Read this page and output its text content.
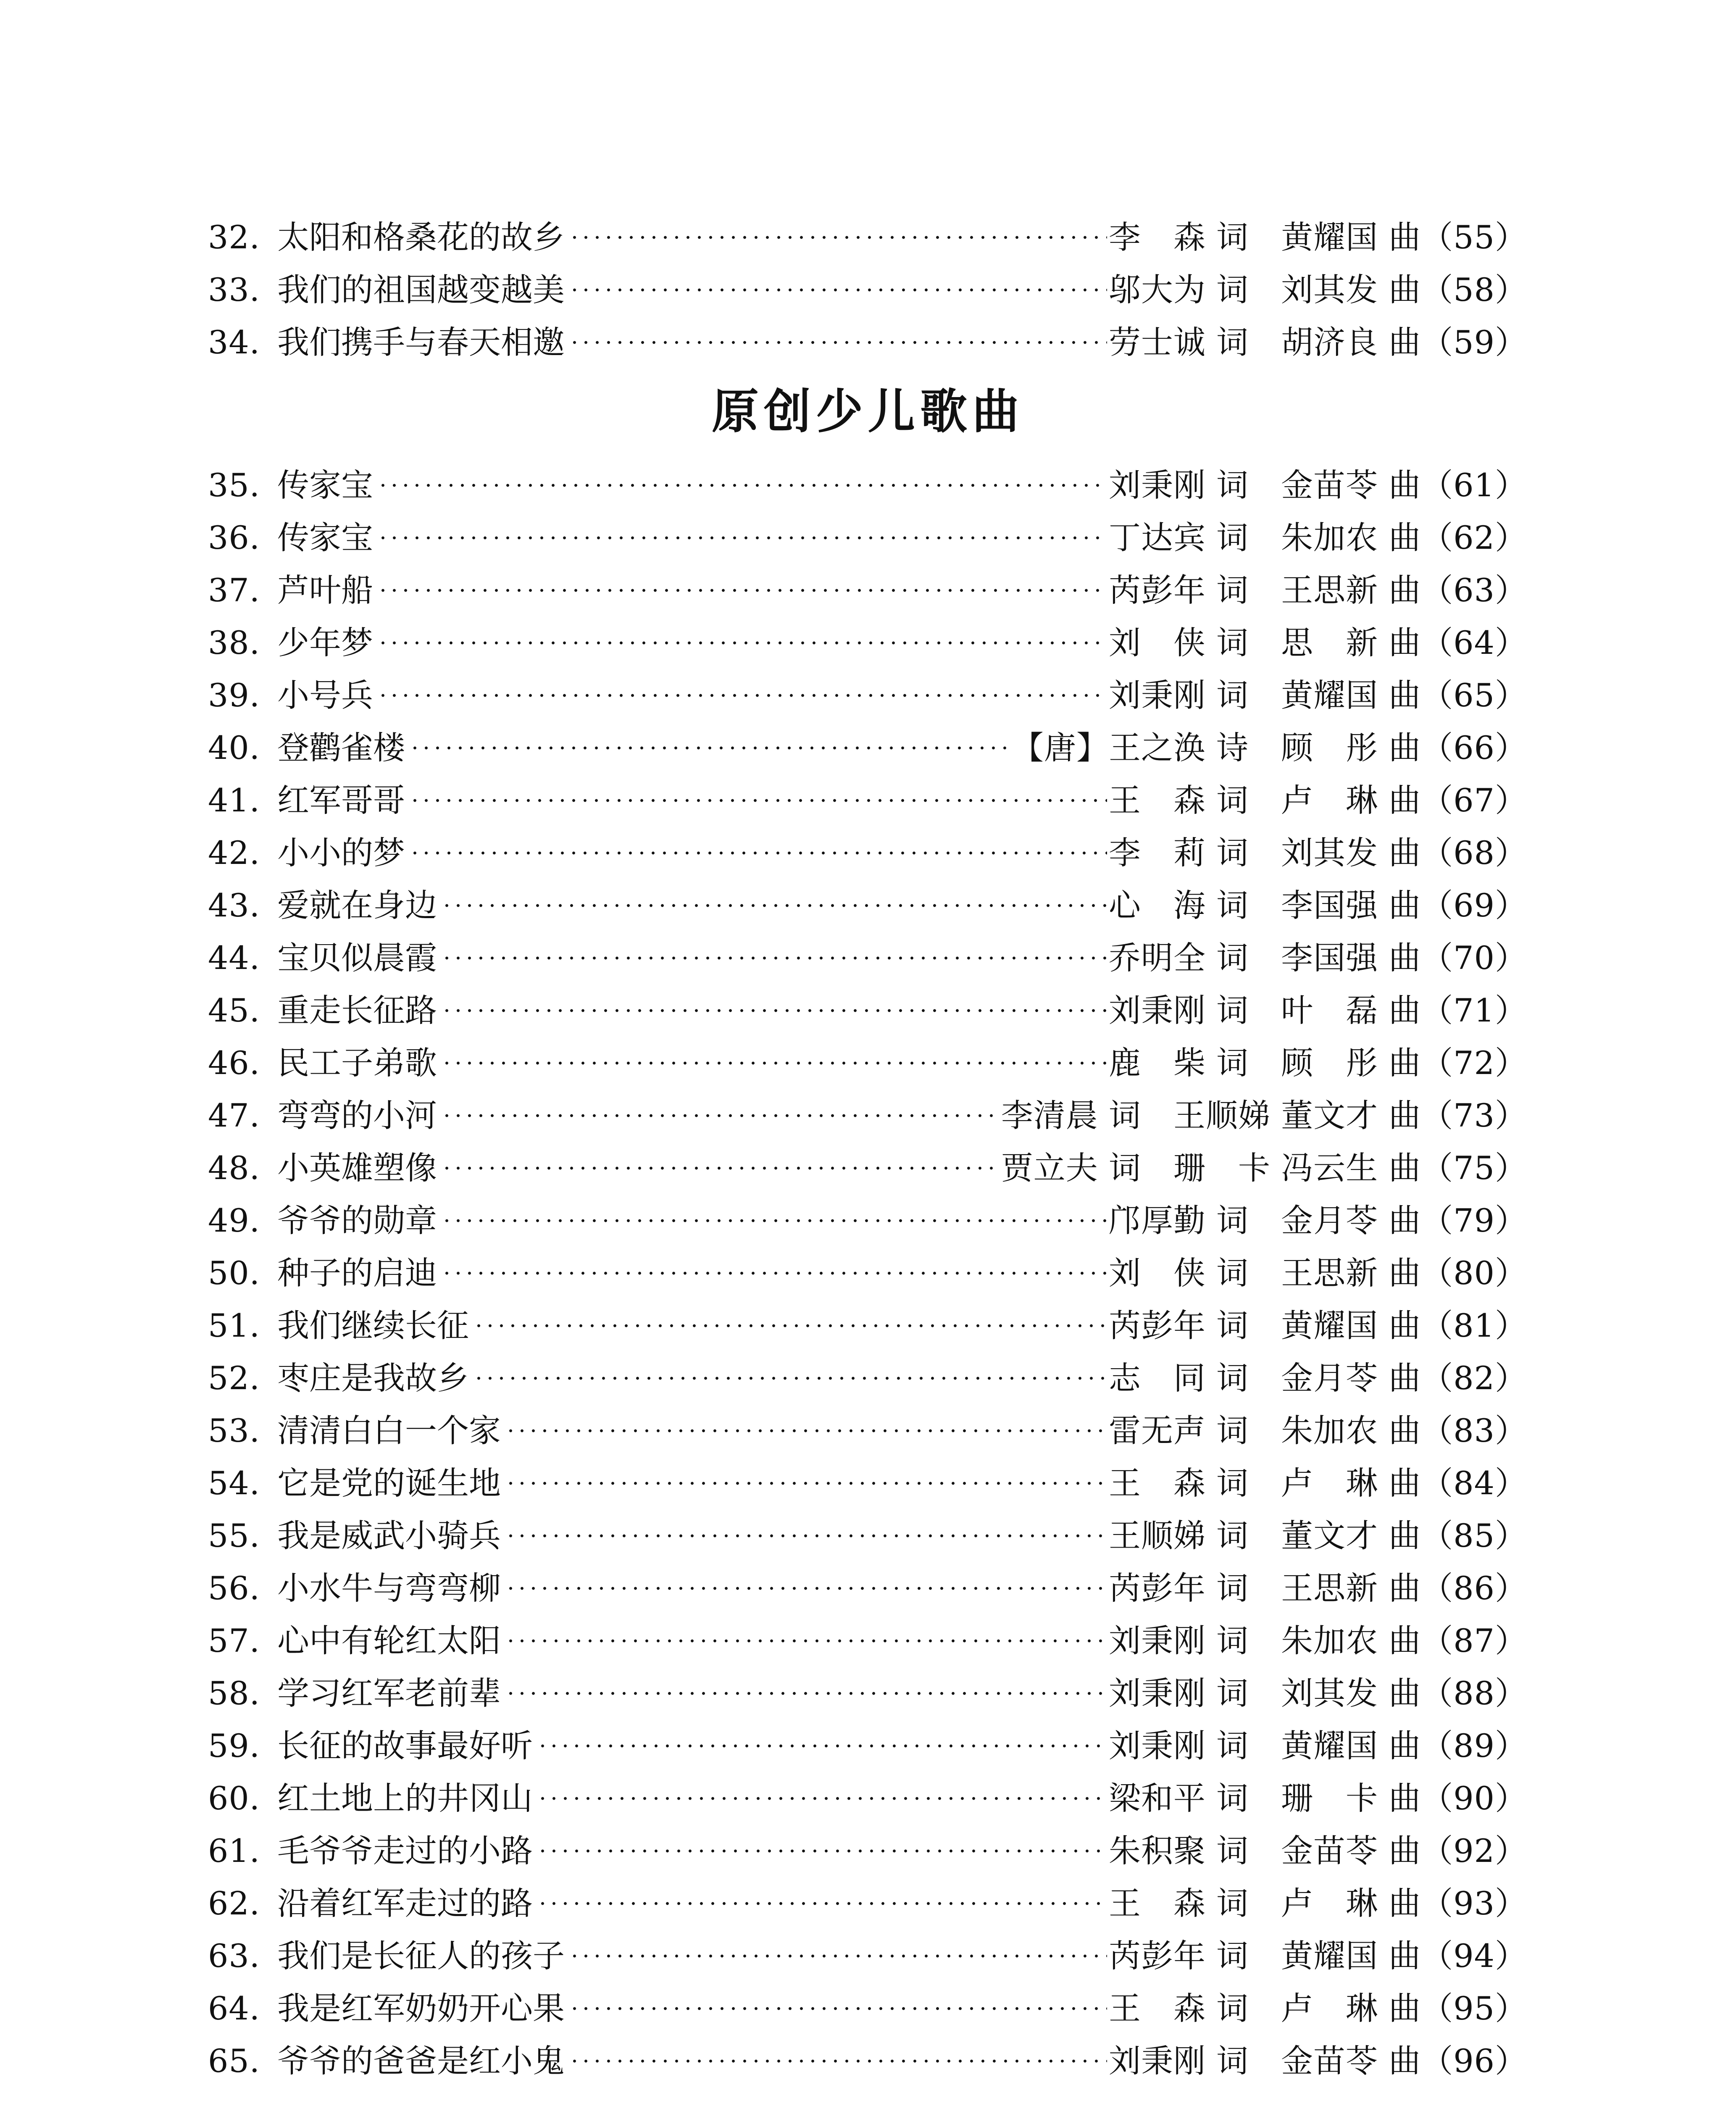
32. 太阳和格桑花的故乡	李　森 词　黄耀国 曲（55）
33. 我们的祖国越变越美	邬大为 词　刘其发 曲（58）
34. 我们携手与春天相邀	劳士诚 词　胡济良 曲（59）
原创少儿歌曲
35. 传家宝	刘秉刚 词　金苗苓 曲（61）
36. 传家宝	丁达宾 词　朱加农 曲（62）
37. 芦叶船	芮彭年 词　王思新 曲（63）
38. 少年梦	刘　侠 词　思　新 曲（64）
39. 小号兵	刘秉刚 词　黄耀国 曲（65）
40. 登鹳雀楼	【唐】王之涣 诗　顾　彤 曲（66）
41. 红军哥哥	王　森 词　卢　琳 曲（67）
42. 小小的梦	李　莉 词　刘其发 曲（68）
43. 爱就在身边	心　海 词　李国强 曲（69）
44. 宝贝似晨霞	乔明全 词　李国强 曲（70）
45. 重走长征路	刘秉刚 词　叶　磊 曲（71）
46. 民工子弟歌	鹿　柴 词　顾　彤 曲（72）
47. 弯弯的小河	李清晨 词　王顺娣 董文才 曲（73）
48. 小英雄塑像	贾立夫 词　珊　卡 冯云生 曲（75）
49. 爷爷的勋章	邝厚勤 词　金月苓 曲（79）
50. 种子的启迪	刘　侠 词　王思新 曲（80）
51. 我们继续长征	芮彭年 词　黄耀国 曲（81）
52. 枣庄是我故乡	志　同 词　金月苓 曲（82）
53. 清清白白一个家	雷无声 词　朱加农 曲（83）
54. 它是党的诞生地	王　森 词　卢　琳 曲（84）
55. 我是威武小骑兵	王顺娣 词　董文才 曲（85）
56. 小水牛与弯弯柳	芮彭年 词　王思新 曲（86）
57. 心中有轮红太阳	刘秉刚 词　朱加农 曲（87）
58. 学习红军老前辈	刘秉刚 词　刘其发 曲（88）
59. 长征的故事最好听	刘秉刚 词　黄耀国 曲（89）
60. 红土地上的井冈山	梁和平 词　珊　卡 曲（90）
61. 毛爷爷走过的小路	朱积聚 词　金苗苓 曲（92）
62. 沿着红军走过的路	王　森 词　卢　琳 曲（93）
63. 我们是长征人的孩子	芮彭年 词　黄耀国 曲（94）
64. 我是红军奶奶开心果	王　森 词　卢　琳 曲（95）
65. 爷爷的爸爸是红小鬼	刘秉刚 词　金苗苓 曲（96）
